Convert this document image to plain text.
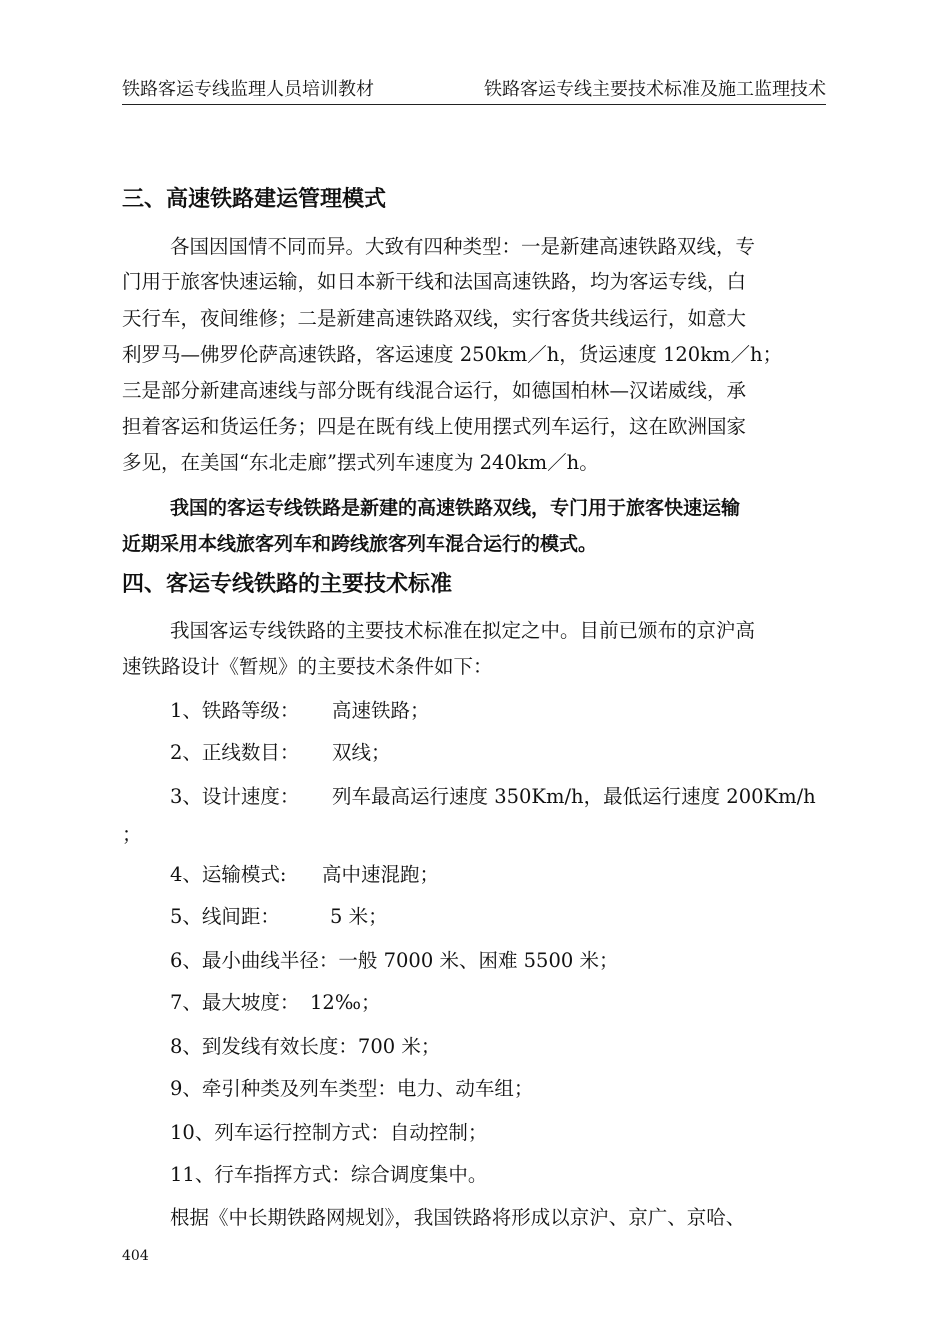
铁路客运专线监理人员培训教材	铁路客运专线主要技术标准及施工监理技术
三、高速铁路建运管理模式
各国因国情不同而异。大致有四种类型：一是新建高速铁路双线，专
门用于旅客快速运输，如日本新干线和法国高速铁路，均为客运专线，白
天行车，夜间维修；二是新建高速铁路双线，实行客货共线运行，如意大
利罗马—佛罗伦萨高速铁路，客运速度 250km／h，货运速度 120km／h；
三是部分新建高速线与部分既有线混合运行，如德国柏林—汉诺威线，承
担着客运和货运任务；四是在既有线上使用摆式列车运行，这在欧洲国家
多见，在美国“东北走廊”摆式列车速度为 240km／h。
我国的客运专线铁路是新建的高速铁路双线，专门用于旅客快速运输
近期采用本线旅客列车和跨线旅客列车混合运行的模式。
四、客运专线铁路的主要技术标准
我国客运专线铁路的主要技术标准在拟定之中。目前已颁布的京沪高
速铁路设计《暂规》的主要技术条件如下：
1、铁路等级： 高速铁路；
2、正线数目： 双线；
3、设计速度： 列车最高运行速度 350Km/h，最低运行速度 200Km/h
；
4、运输模式: 高中速混跑；
5、线间距：	5 米；
6、最小曲线半径：一般 7000 米、困难 5500 米；
7、最大坡度： 12‰；
8、到发线有效长度：700 米；
9、牵引种类及列车类型：电力、动车组；
10、列车运行控制方式：自动控制；
11、行车指挥方式：综合调度集中。
根据《中长期铁路网规划》，我国铁路将形成以京沪、京广、京哈、
404
